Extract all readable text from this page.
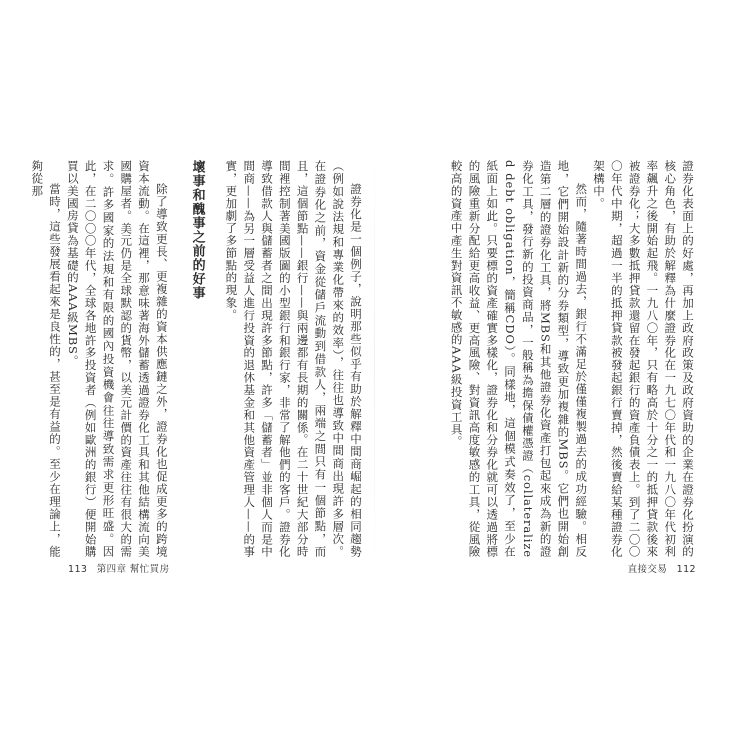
證券化表面上的好處，再加上政府政策及政府資助的企業在證券化扮演的核心角色，有助於解釋為什麼證券化在一九七〇年代和一九八〇年代初利率飆升之後開始起飛。一九八〇年，只有略高於十分之一的抵押貸款後來被證券化；大多數抵押貸款還留在發起銀行的資產負債表上。到了二〇〇〇年代中期，超過一半的抵押貸款被發起銀行賣掉，然後賣給某種證券化架構中。

然而，隨著時間過去，銀行不滿足於僅僅複製過去的成功經驗。相反地，它們開始設計新的分券類型，導致更加複雜的MBS。它們也開始創造第二層的證券化工具，將MBS和其他證券化資產打包起來成為新的證券化工具，發行新的投資商品，一般稱為擔保債權憑證（collateralized debt obligation，簡稱CDO）。同樣地，這個模式奏效了，至少在紙面上如此。只要標的資產確實多樣化，證券化和分券化就可以透過將標的風險重新分配給更高收益、更高風險、對資訊高度敏感的工具，從風險較高的資產中產生對資訊不敏感的AAA級投資工具。

直接交易 112

證券化是一個例子，說明那些似乎有助於解釋中間商崛起的相同趨勢（例如說法規和專業化帶來的效率），往往也導致中間商出現許多層次。在證券化之前，資金從儲戶流動到借款人，兩端之間只有一個節點，而且，這個節點——銀行——與兩邊都有長期的關係。在二十世紀大部分時間裡控制著美國版圖的小型銀行和銀行家，非常了解他們的客戶。證券化導致借款人與儲蓄者之間出現許多節點，許多「儲蓄者」並非個人而是中間商——為另一層受益人進行投資的退休基金和其他資產管理人——的事實，更加劇了多節點的現象。

壞事和醜事之前的好事

除了導致更長、更複雜的資本供應鏈之外，證券化也促成更多的跨境資本流動。在這裡，那意味著海外儲蓄透過證券化工具和其他結構流向美國購屋者。美元仍是全球默認的貨幣，以美元計價的資產往往有很大的需求。許多國家的法規和有限的國內投資機會往往導致需求更形旺盛。因此，在二〇〇〇年代，全球各地許多投資者（例如歐洲的銀行）便開始購買以美國房貸為基礎的AAA級MBS。

當時，這些發展看起來是良性的，甚至是有益的。至少在理論上，能夠從那

113 第四章 幫忙買房
